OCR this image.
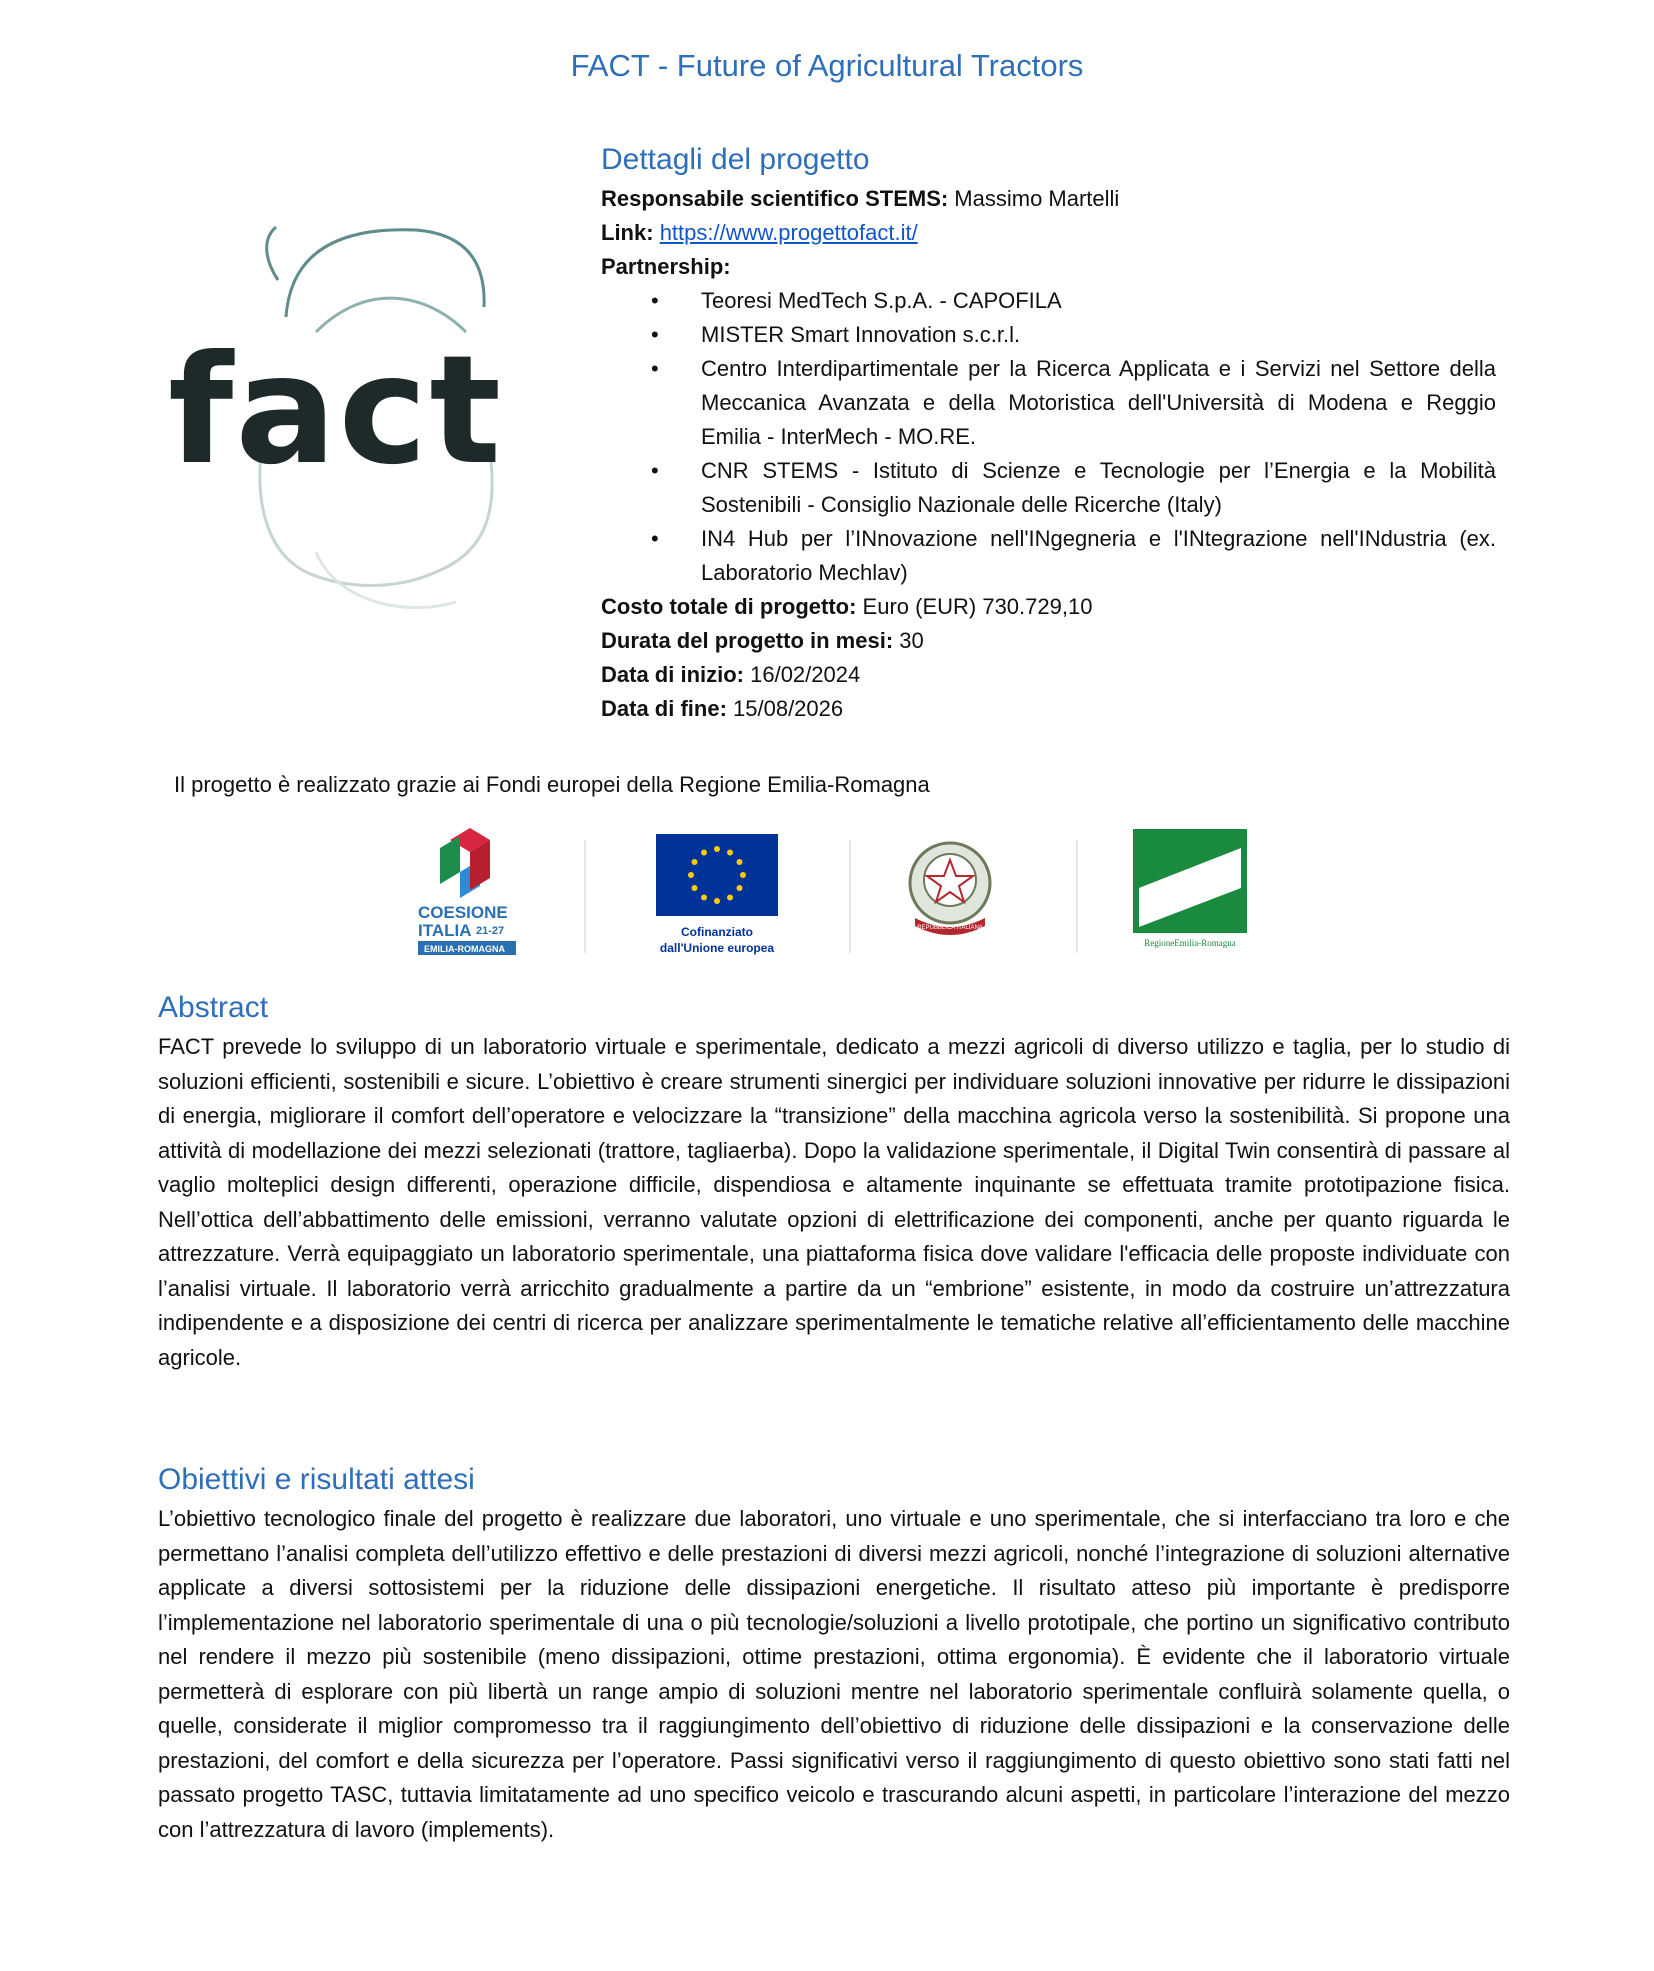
FACT - Future of Agricultural Tractors
fact
Dettagli del progetto
Responsabile scientifico STEMS: Massimo Martelli
Link: https://www.progettofact.it/
Partnership:
• Teoresi MedTech S.p.A. - CAPOFILA
• MISTER Smart Innovation s.c.r.l.
• Centro Interdipartimentale per la Ricerca Applicata e i Servizi nel Settore della Meccanica Avanzata e della Motoristica dell'Università di Modena e Reggio Emilia - InterMech - MO.RE.
• CNR STEMS - Istituto di Scienze e Tecnologie per l’Energia e la Mobilità Sostenibili - Consiglio Nazionale delle Ricerche (Italy)
• IN4 Hub per l’INnovazione nell'INgegneria e l'INtegrazione nell'INdustria (ex. Laboratorio Mechlav)
Costo totale di progetto: Euro (EUR) 730.729,10
Durata del progetto in mesi: 30
Data di inizio: 16/02/2024
Data di fine: 15/08/2026
Il progetto è realizzato grazie ai Fondi europei della Regione Emilia-Romagna
COESIONE
ITALIA 21-27
EMILIA-ROMAGNA
Cofinanziato
dall'Unione europea
REPUBBLICA ITALIANA
RegioneEmilia-Romagna
Abstract

FACT prevede lo sviluppo di un laboratorio virtuale e sperimentale, dedicato a mezzi agricoli di diverso utilizzo e taglia, per lo studio di soluzioni efficienti, sostenibili e sicure. L’obiettivo è creare strumenti sinergici per individuare soluzioni innovative per ridurre le dissipazioni di energia, migliorare il comfort dell’operatore e velocizzare la “transizione” della macchina agricola verso la sostenibilità. Si propone una attività di modellazione dei mezzi selezionati (trattore, tagliaerba). Dopo la validazione sperimentale, il Digital Twin consentirà di passare al vaglio molteplici design differenti, operazione difficile, dispendiosa e altamente inquinante se effettuata tramite prototipazione fisica. Nell’ottica dell’abbattimento delle emissioni, verranno valutate opzioni di elettrificazione dei componenti, anche per quanto riguarda le attrezzature. Verrà equipaggiato un laboratorio sperimentale, una piattaforma fisica dove validare l'efficacia delle proposte individuate con l’analisi virtuale. Il laboratorio verrà arricchito gradualmente a partire da un “embrione” esistente, in modo da costruire un’attrezzatura indipendente e a disposizione dei centri di ricerca per analizzare sperimentalmente le tematiche relative all’efficientamento delle macchine agricole.

Obiettivi e risultati attesi

L’obiettivo tecnologico finale del progetto è realizzare due laboratori, uno virtuale e uno sperimentale, che si interfacciano tra loro e che permettano l’analisi completa dell’utilizzo effettivo e delle prestazioni di diversi mezzi agricoli, nonché l’integrazione di soluzioni alternative applicate a diversi sottosistemi per la riduzione delle dissipazioni energetiche. Il risultato atteso più importante è predisporre l’implementazione nel laboratorio sperimentale di una o più tecnologie/soluzioni a livello prototipale, che portino un significativo contributo nel rendere il mezzo più sostenibile (meno dissipazioni, ottime prestazioni, ottima ergonomia). È evidente che il laboratorio virtuale permetterà di esplorare con più libertà un range ampio di soluzioni mentre nel laboratorio sperimentale confluirà solamente quella, o quelle, considerate il miglior compromesso tra il raggiungimento dell’obiettivo di riduzione delle dissipazioni e la conservazione delle prestazioni, del comfort e della sicurezza per l’operatore. Passi significativi verso il raggiungimento di questo obiettivo sono stati fatti nel passato progetto TASC, tuttavia limitatamente ad uno specifico veicolo e trascurando alcuni aspetti, in particolare l’interazione del mezzo con l’attrezzatura di lavoro (implements).
